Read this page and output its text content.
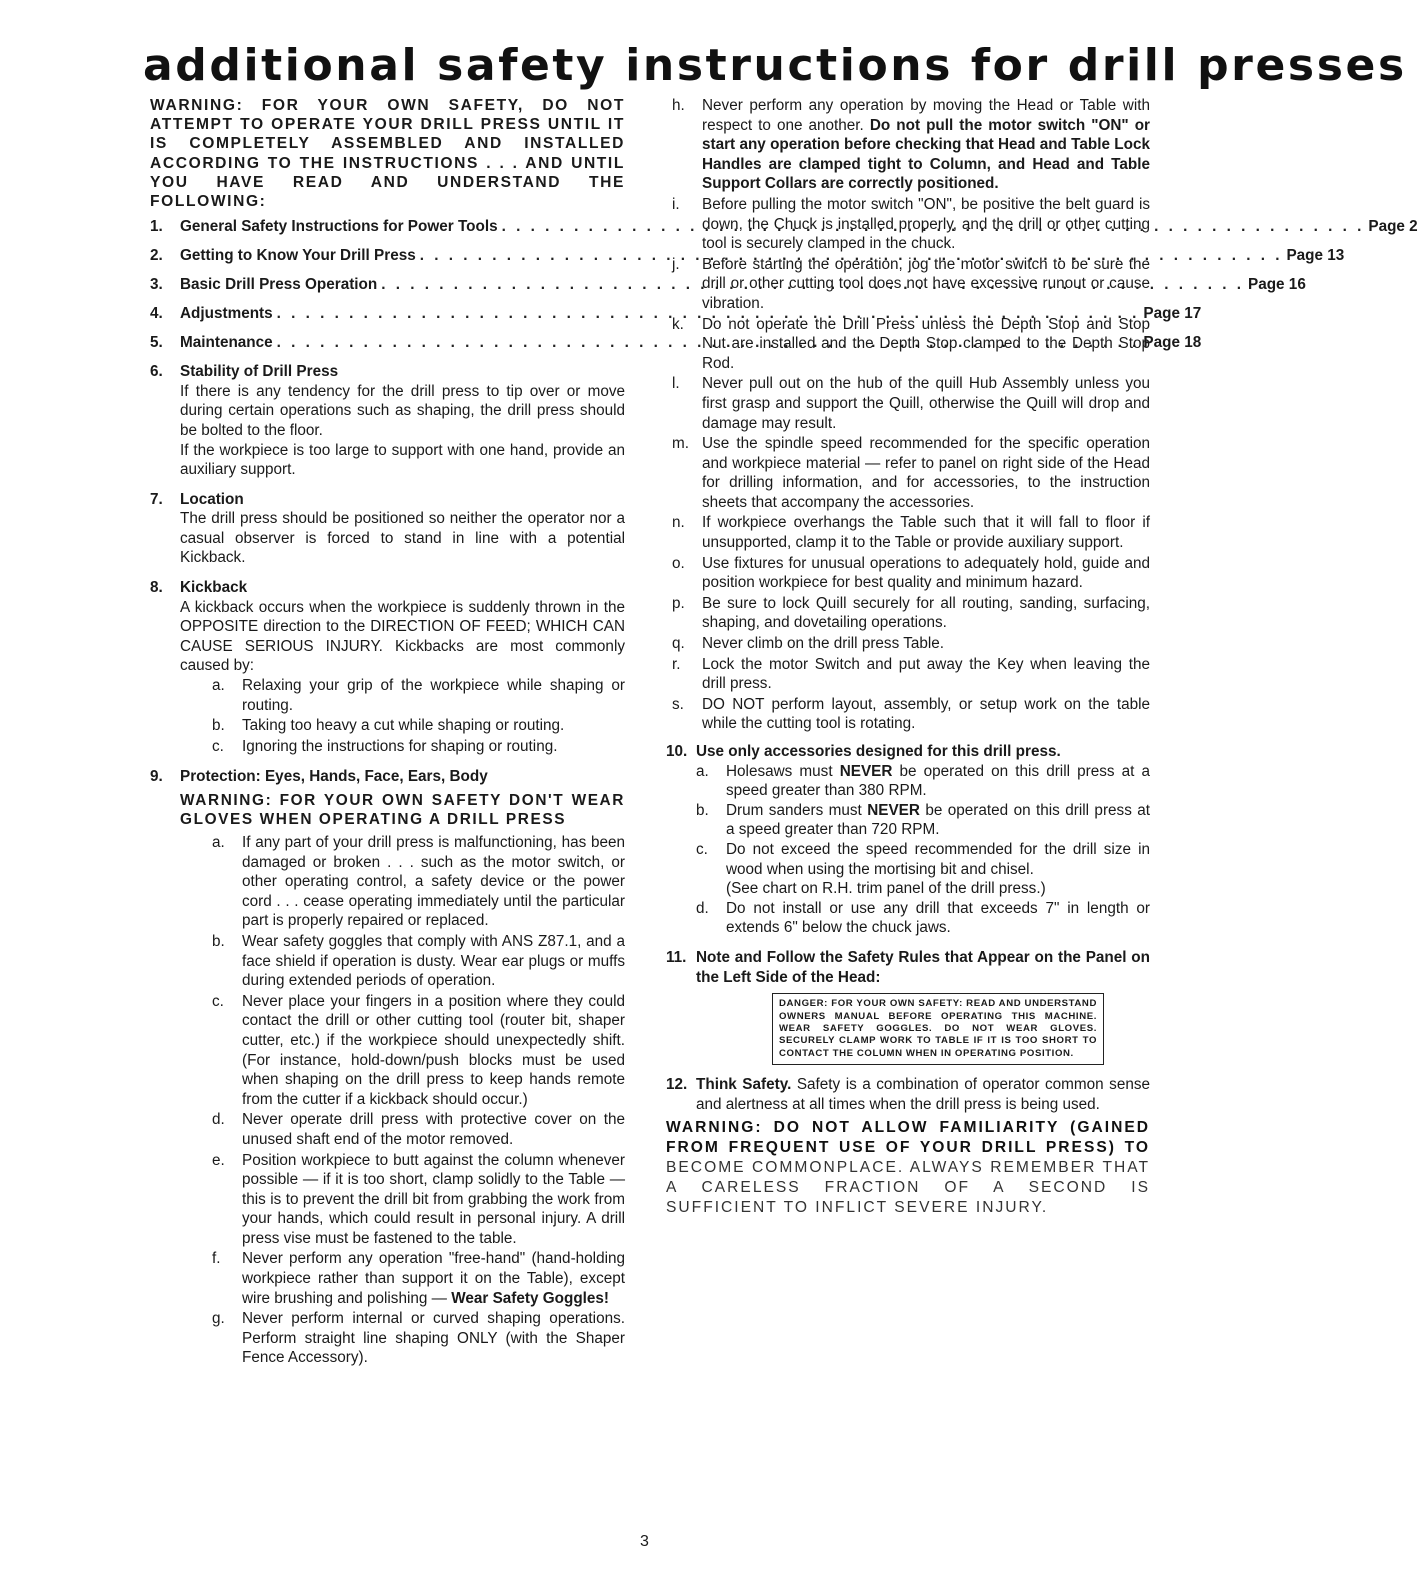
additional safety instructions for drill presses

WARNING: FOR YOUR OWN SAFETY, DO NOT ATTEMPT TO OPERATE YOUR DRILL PRESS UNTIL IT IS COMPLETELY ASSEMBLED AND INSTALLED ACCORDING TO THE INSTRUCTIONS . . . AND UNTIL YOU HAVE READ AND UNDERSTAND THE FOLLOWING:

1.	General Safety Instructions for Power Tools . . .	Page 2
2.	Getting to Know Your Drill Press . . .	Page 13
3.	Basic Drill Press Operation . . .	Page 16
4.	Adjustments . . .	Page 17
5.	Maintenance . . .	Page 18
6.	Stability of Drill Press
If there is any tendency for the drill press to tip over or move during certain operations such as shaping, the drill press should be bolted to the floor.
If the workpiece is too large to support with one hand, provide an auxiliary support.
7.	Location
The drill press should be positioned so neither the operator nor a casual observer is forced to stand in line with a potential Kickback.
8.	Kickback
A kickback occurs when the workpiece is suddenly thrown in the OPPOSITE direction to the DIRECTION OF FEED; WHICH CAN CAUSE SERIOUS INJURY. Kickbacks are most commonly caused by:
a.	Relaxing your grip of the workpiece while shaping or routing.
b.	Taking too heavy a cut while shaping or routing.
c.	Ignoring the instructions for shaping or routing.
9.	Protection: Eyes, Hands, Face, Ears, Body
WARNING: FOR YOUR OWN SAFETY DON'T WEAR GLOVES WHEN OPERATING A DRILL PRESS
a.	If any part of your drill press is malfunctioning, has been damaged or broken . . . such as the motor switch, or other operating control, a safety device or the power cord . . . cease operating immediately until the particular part is properly repaired or replaced.
b.	Wear safety goggles that comply with ANS Z87.1, and a face shield if operation is dusty. Wear ear plugs or muffs during extended periods of operation.
c.	Never place your fingers in a position where they could contact the drill or other cutting tool (router bit, shaper cutter, etc.) if the workpiece should unexpectedly shift. (For instance, hold-down/push blocks must be used when shaping on the drill press to keep hands remote from the cutter if a kickback should occur.)
d.	Never operate drill press with protective cover on the unused shaft end of the motor removed.
e.	Position workpiece to butt against the column whenever possible — if it is too short, clamp solidly to the Table — this is to prevent the drill bit from grabbing the work from your hands, which could result in personal injury. A drill press vise must be fastened to the table.
f.	Never perform any operation "free-hand" (hand-holding workpiece rather than support it on the Table), except wire brushing and polishing — Wear Safety Goggles!
g.	Never perform internal or curved shaping operations. Perform straight line shaping ONLY (with the Shaper Fence Accessory).
h.	Never perform any operation by moving the Head or Table with respect to one another. Do not pull the motor switch "ON" or start any operation before checking that Head and Table Lock Handles are clamped tight to Column, and Head and Table Support Collars are correctly positioned.
i.	Before pulling the motor switch "ON", be positive the belt guard is down, the Chuck is installed properly, and the drill or other cutting tool is securely clamped in the chuck.
j.	Before starting the operation, jog the motor switch to be sure the drill or other cutting tool does not have excessive runout or cause vibration.
k.	Do not operate the Drill Press unless the Depth Stop and Stop Nut are installed and the Depth Stop clamped to the Depth Stop Rod.
l.	Never pull out on the hub of the quill Hub Assembly unless you first grasp and support the Quill, otherwise the Quill will drop and damage may result.
m. Use the spindle speed recommended for the specific operation and workpiece material — refer to panel on right side of the Head for drilling information, and for accessories, to the instruction sheets that accompany the accessories.
n.	If workpiece overhangs the Table such that it will fall to floor if unsupported, clamp it to the Table or provide auxiliary support.
o.	Use fixtures for unusual operations to adequately hold, guide and position workpiece for best quality and minimum hazard.
p.	Be sure to lock Quill securely for all routing, sanding, surfacing, shaping, and dovetailing operations.
q.	Never climb on the drill press Table.
r.	Lock the motor Switch and put away the Key when leaving the drill press.
s.	DO NOT perform layout, assembly, or setup work on the table while the cutting tool is rotating.
10. Use only accessories designed for this drill press.
a.	Holesaws must NEVER be operated on this drill press at a speed greater than 380 RPM.
b.	Drum sanders must NEVER be operated on this drill press at a speed greater than 720 RPM.
c.	Do not exceed the speed recommended for the drill size in wood when using the mortising bit and chisel.
(See chart on R.H. trim panel of the drill press.)
d.	Do not install or use any drill that exceeds 7" in length or extends 6" below the chuck jaws.
11. Note and Follow the Safety Rules that Appear on the Panel on the Left Side of the Head:
DANGER: FOR YOUR OWN SAFETY: READ AND UNDERSTAND OWNERS MANUAL BEFORE OPERATING THIS MACHINE. WEAR SAFETY GOGGLES. DO NOT WEAR GLOVES. SECURELY CLAMP WORK TO TABLE IF IT IS TOO SHORT TO CONTACT THE COLUMN WHEN IN OPERATING POSITION.
12. Think Safety. Safety is a combination of operator common sense and alertness at all times when the drill press is being used.
WARNING: DO NOT ALLOW FAMILIARITY (GAINED FROM FREQUENT USE OF YOUR DRILL PRESS) TO BECOME COMMONPLACE. ALWAYS REMEMBER THAT A CARELESS FRACTION OF A SECOND IS SUFFICIENT TO INFLICT SEVERE INJURY.
3
